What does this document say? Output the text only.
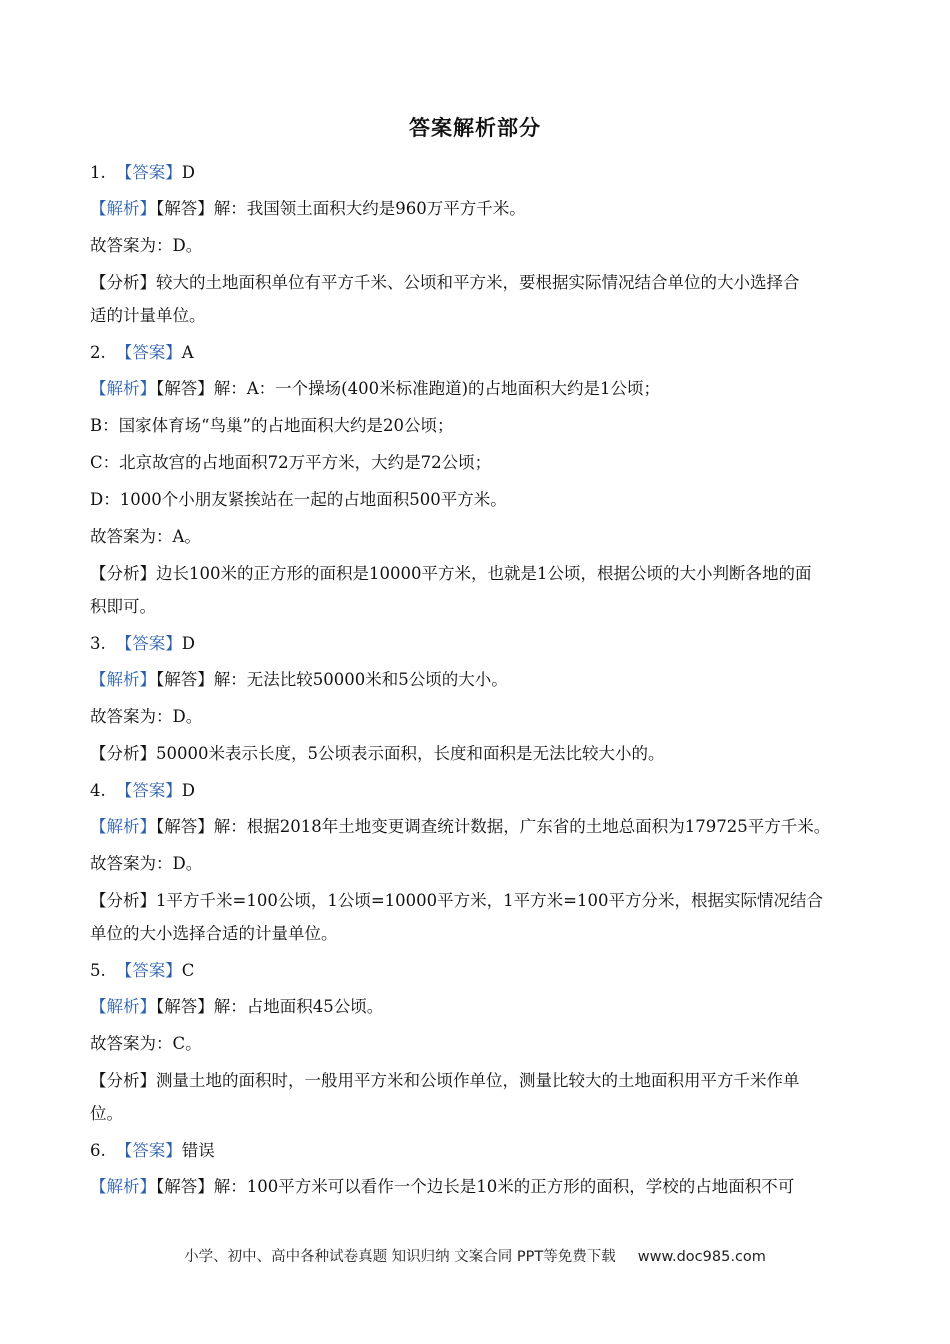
答案解析部分
1. 【答案】D
【解析】【解答】解：我国领土面积大约是960万平方千米。
故答案为：D。
【分析】较大的土地面积单位有平方千米、公顷和平方米，要根据实际情况结合单位的大小选择合
适的计量单位。
2. 【答案】A
【解析】【解答】解：A：一个操场(400米标准跑道)的占地面积大约是1公顷；
B：国家体育场“鸟巢”的占地面积大约是20公顷；
C：北京故宫的占地面积72万平方米，大约是72公顷；
D：1000个小朋友紧挨站在一起的占地面积500平方米。
故答案为：A。
【分析】边长100米的正方形的面积是10000平方米，也就是1公顷，根据公顷的大小判断各地的面
积即可。
3. 【答案】D
【解析】【解答】解：无法比较50000米和5公顷的大小。
故答案为：D。
【分析】50000米表示长度，5公顷表示面积，长度和面积是无法比较大小的。
4. 【答案】D
【解析】【解答】解：根据2018年土地变更调查统计数据，广东省的土地总面积为179725平方千米。
故答案为：D。
【分析】1平方千米=100公顷，1公顷=10000平方米，1平方米=100平方分米，根据实际情况结合
单位的大小选择合适的计量单位。
5. 【答案】C
【解析】【解答】解：占地面积45公顷。
故答案为：C。
【分析】测量土地的面积时，一般用平方米和公顷作单位，测量比较大的土地面积用平方千米作单
位。
6. 【答案】错误
【解析】【解答】解：100平方米可以看作一个边长是10米的正方形的面积，学校的占地面积不可
小学、初中、高中各种试卷真题 知识归纳 文案合同 PPT等免费下载 www.doc985.com
